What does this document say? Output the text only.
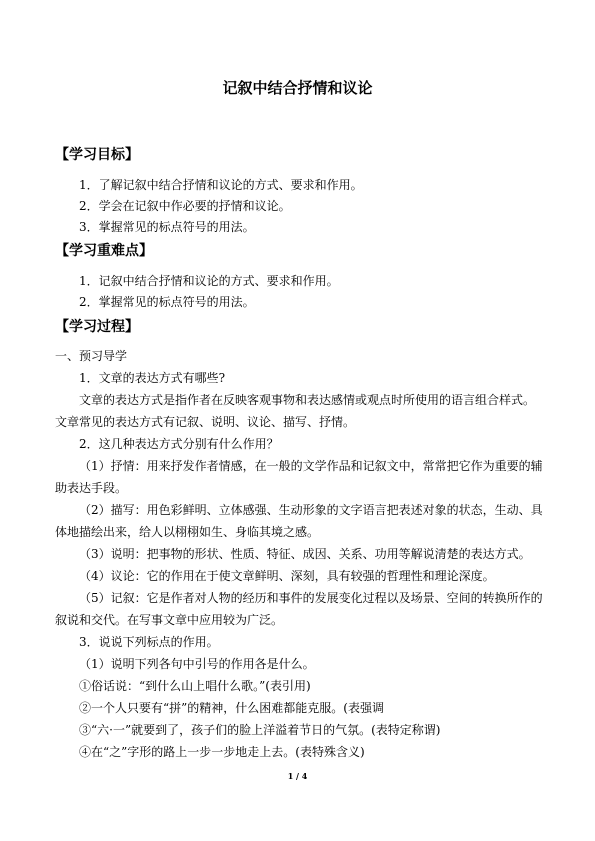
记叙中结合抒情和议论
【学习目标】
1．了解记叙中结合抒情和议论的方式、要求和作用。
2．学会在记叙中作必要的抒情和议论。
3．掌握常见的标点符号的用法。
【学习重难点】
1．记叙中结合抒情和议论的方式、要求和作用。
2．掌握常见的标点符号的用法。
【学习过程】
一、预习导学
1．文章的表达方式有哪些?
文章的表达方式是指作者在反映客观事物和表达感情或观点时所使用的语言组合样式。
文章常见的表达方式有记叙、说明、议论、描写、抒情。
2．这几种表达方式分别有什么作用？
（1）抒情：用来抒发作者情感，在一般的文学作品和记叙文中，常常把它作为重要的辅
助表达手段。
（2）描写：用色彩鲜明、立体感强、生动形象的文字语言把表述对象的状态，生动、具
体地描绘出来，给人以栩栩如生、身临其境之感。
（3）说明：把事物的形状、性质、特征、成因、关系、功用等解说清楚的表达方式。
（4）议论：它的作用在于使文章鲜明、深刻，具有较强的哲理性和理论深度。
（5）记叙：它是作者对人物的经历和事件的发展变化过程以及场景、空间的转换所作的
叙说和交代。在写事文章中应用较为广泛。
3．说说下列标点的作用。
（1）说明下列各句中引号的作用各是什么。
①俗话说：“到什么山上唱什么歌。”(表引用)
②一个人只要有“拼”的精神，什么困难都能克服。(表强调
③“六·一”就要到了，孩子们的脸上洋溢着节日的气氛。(表特定称谓)
④在“之”字形的路上一步一步地走上去。(表特殊含义)
1 / 4
